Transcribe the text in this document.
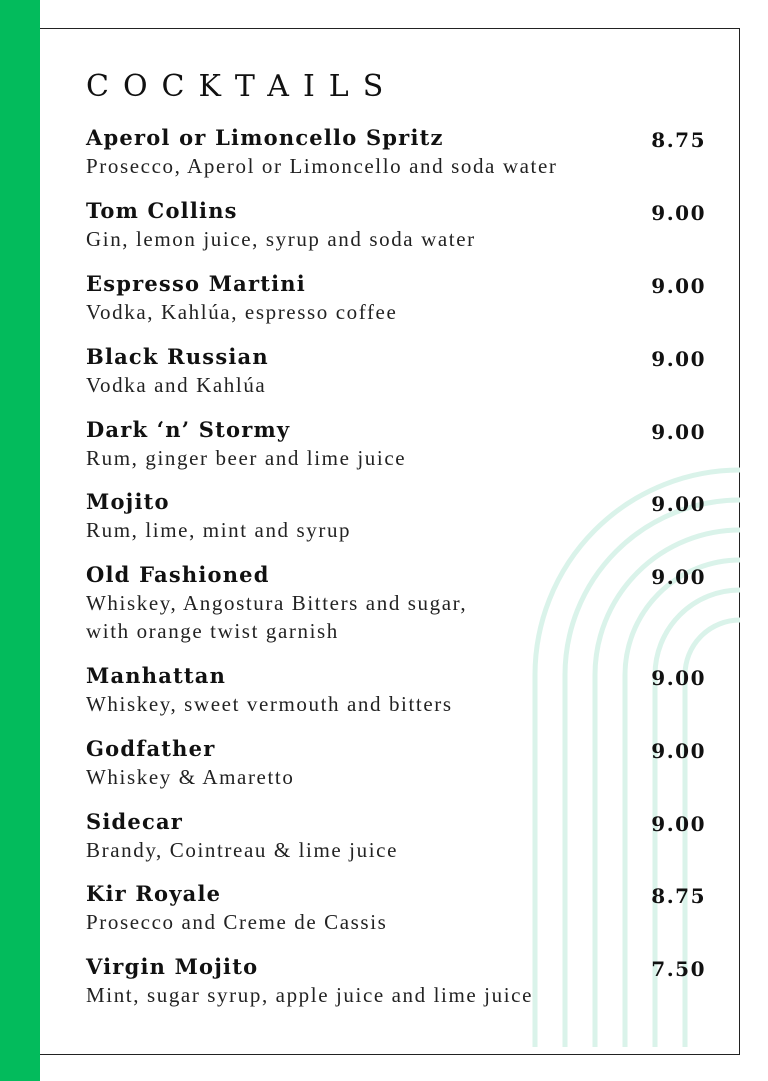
COCKTAILS
Aperol or Limoncello Spritz	8.75
Prosecco, Aperol or Limoncello and soda water
Tom Collins	9.00
Gin, lemon juice, syrup and soda water
Espresso Martini	9.00
Vodka, Kahlúa, espresso coffee
Black Russian	9.00
Vodka and Kahlúa
Dark ‘n’ Stormy	9.00
Rum, ginger beer and lime juice
Mojito	9.00
Rum, lime, mint and syrup
Old Fashioned	9.00
Whiskey, Angostura Bitters and sugar,
with orange twist garnish
Manhattan	9.00
Whiskey, sweet vermouth and bitters
Godfather	9.00
Whiskey & Amaretto
Sidecar	9.00
Brandy, Cointreau & lime juice
Kir Royale	8.75
Prosecco and Creme de Cassis
Virgin Mojito	7.50
Mint, sugar syrup, apple juice and lime juice
